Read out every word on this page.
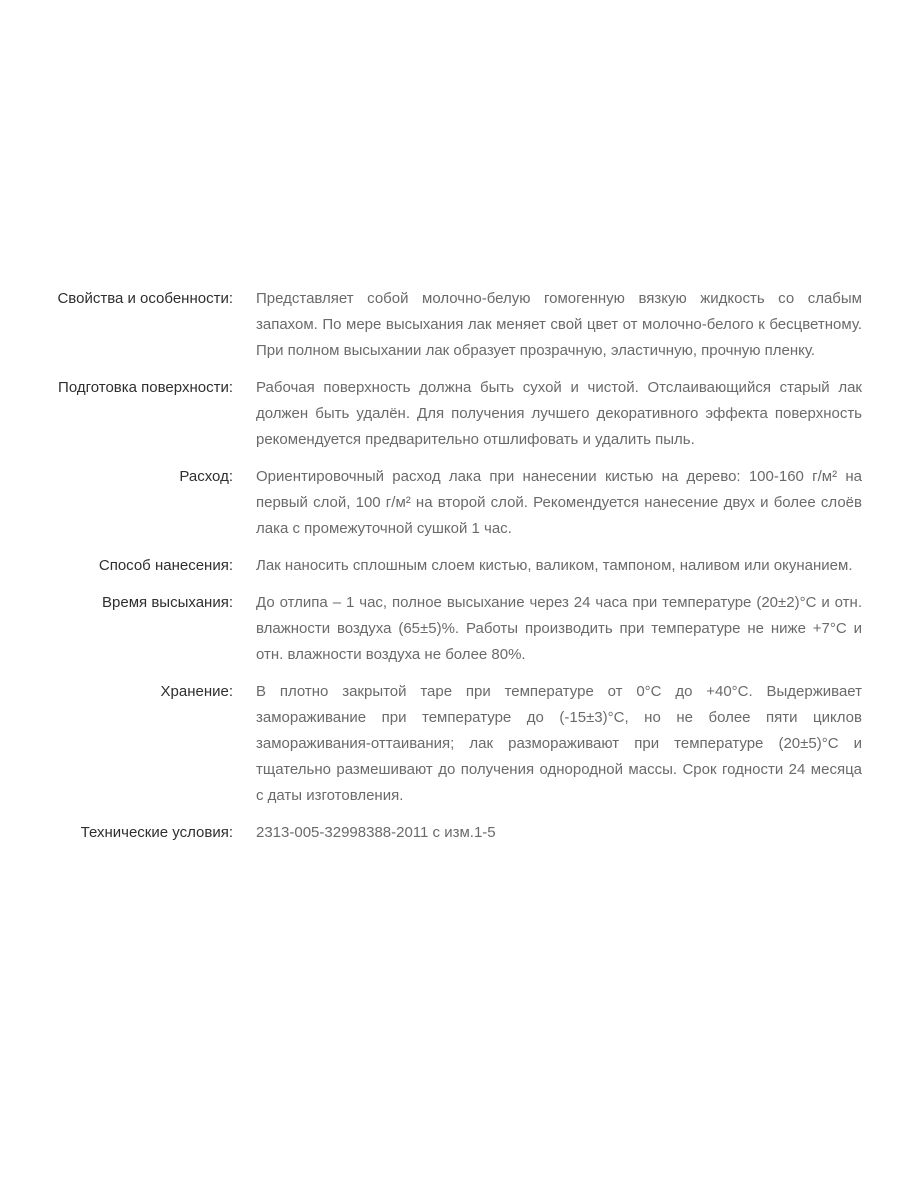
Свойства и особенности: Представляет собой молочно-белую гомогенную вязкую жидкость со слабым запахом. По мере высыхания лак меняет свой цвет от молочно-белого к бесцветному. При полном высыхании лак образует прозрачную, эластичную, прочную пленку.
Подготовка поверхности: Рабочая поверхность должна быть сухой и чистой. Отслаивающийся старый лак должен быть удалён. Для получения лучшего декоративного эффекта поверхность рекомендуется предварительно отшлифовать и удалить пыль.
Расход: Ориентировочный расход лака при нанесении кистью на дерево: 100-160 г/м² на первый слой, 100 г/м² на второй слой. Рекомендуется нанесение двух и более слоёв лака с промежуточной сушкой 1 час.
Способ нанесения: Лак наносить сплошным слоем кистью, валиком, тампоном, наливом или окунанием.
Время высыхания: До отлипа – 1 час, полное высыхание через 24 часа при температуре (20±2)°С и отн. влажности воздуха (65±5)%. Работы производить при температуре не ниже +7°С и отн. влажности воздуха не более 80%.
Хранение: В плотно закрытой таре при температуре от 0°С до +40°С. Выдерживает замораживание при температуре до (-15±3)°С, но не более пяти циклов замораживания-оттаивания; лак размораживают при температуре (20±5)°С и тщательно размешивают до получения однородной массы. Срок годности 24 месяца с даты изготовления.
Технические условия: 2313-005-32998388-2011 с изм.1-5
